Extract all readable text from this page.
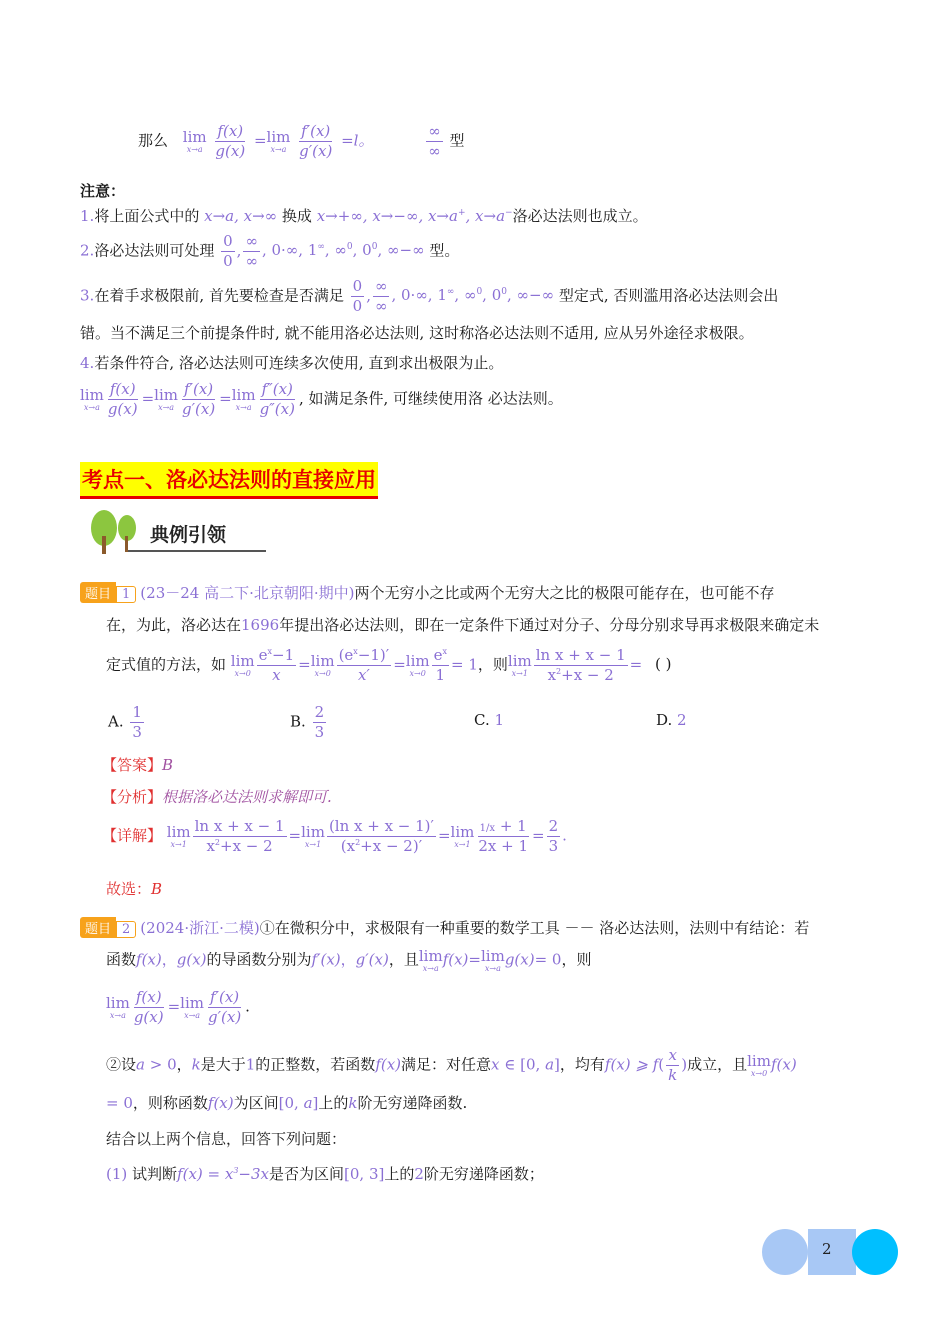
那么 lim
x→a
$\frac{f(x)}{g(x)} = \lim$
x→a
$\frac{f'(x)}{g'(x)} =l$。	$\frac{\infty}{\infty}$ 型
注意：
1.将上面公式中的 x→a, x→∞ 换成 x→+∞, x→−∞, x→a+, x→a−洛必达法则也成立。
2.洛必达法则可处理 $\frac{0}{0}$ , $\frac{\infty}{\infty}$ , 0·∞, 1∞, ∞$^0$, $0^0$, ∞−∞ 型。
3.在着手求极限前, 首先要检查是否满足 $\frac{0}{0}$ , $\frac{\infty}{\infty}$ , 0·∞, 1∞, ∞$^0$, $0^0$, ∞−∞ 型定式, 否则滥用洛必达法则会出
错。当不满足三个前提条件时, 就不能用洛必达法则, 这时称洛必达法则不适用, 应从另外途径求极限。
4.若条件符合, 洛必达法则可连续多次使用, 直到求出极限为止。
lim
$x\to a \frac{f(x)}{g(x)} = \lim$
$x\to a \frac{f'(x)}{g'(x)} = \lim$
$x\to a \frac{f''(x)}{g''(x)}$ , 如满足条件, 可继续使用洛 必达法则。
考点一、洛必达法则的直接应用
典例引领
题目 1 (23－24 高二下·北京朝阳·期中)两个无穷小之比或两个无穷大之比的极限可能存在，也可能不存
在，为此，洛必达在1696年提出洛必达法则，即在一定条件下通过对分子、分母分别求导再求极限来确定未
定式值的方法，如 lim
$x\to 0 \frac{e^x-1}{x} = \lim$
$x\to 0 \frac{(e^x-1)'}{x'} = \lim$
$x\to 0 \frac{e^x}{1} = 1$，则 lim
$x\to 1 \frac{\text{ln x + x − 1}}{x^2+x - 2}$ = ( )
A. $\frac{1}{3}$	B. $\frac{2}{3}$	C. 1	D. 2
【答案】B
【分析】根据洛必达法则求解即可.
【详解】 lim
$x\to 1 \frac{\text{ln x + x − 1}}{x^2+x - 2} = \lim$
$x\to 1 \frac{\text{(ln x + x − 1)′}}{(x^2+x - 2)'} = \lim$
$x\to 1 \frac{1/x + 1}{2x + 1} = \frac{2}{3}$ .
故选：B
题目 2 (2024·浙江·二模)①在微积分中，求极限有一种重要的数学工具 －－ 洛必达法则，法则中有结论：若
函数f(x)，g(x)的导函数分别为f′(x)，g′(x)，且 lim
x→a f(x)= lim
x→a g(x)= 0，则
lim
$x\to a \frac{f(x)}{g(x)} = \lim$
$x\to a \frac{f'(x)}{g'(x)}$ .
②设a > 0，k是大于1的正整数，若函数f(x)满足：对任意x ∈ [0, a]，均有f(x) ⩾ $f( \frac{x}{k}$ )成立，且 lim
x→0 f(x)
= 0，则称函数f(x)为区间[0, a]上的k阶无穷递降函数.
结合以上两个信息，回答下列问题：
(1) 试判断$f(x) = x^3-3x$是否为区间[0, 3]上的2阶无穷递降函数；
2
